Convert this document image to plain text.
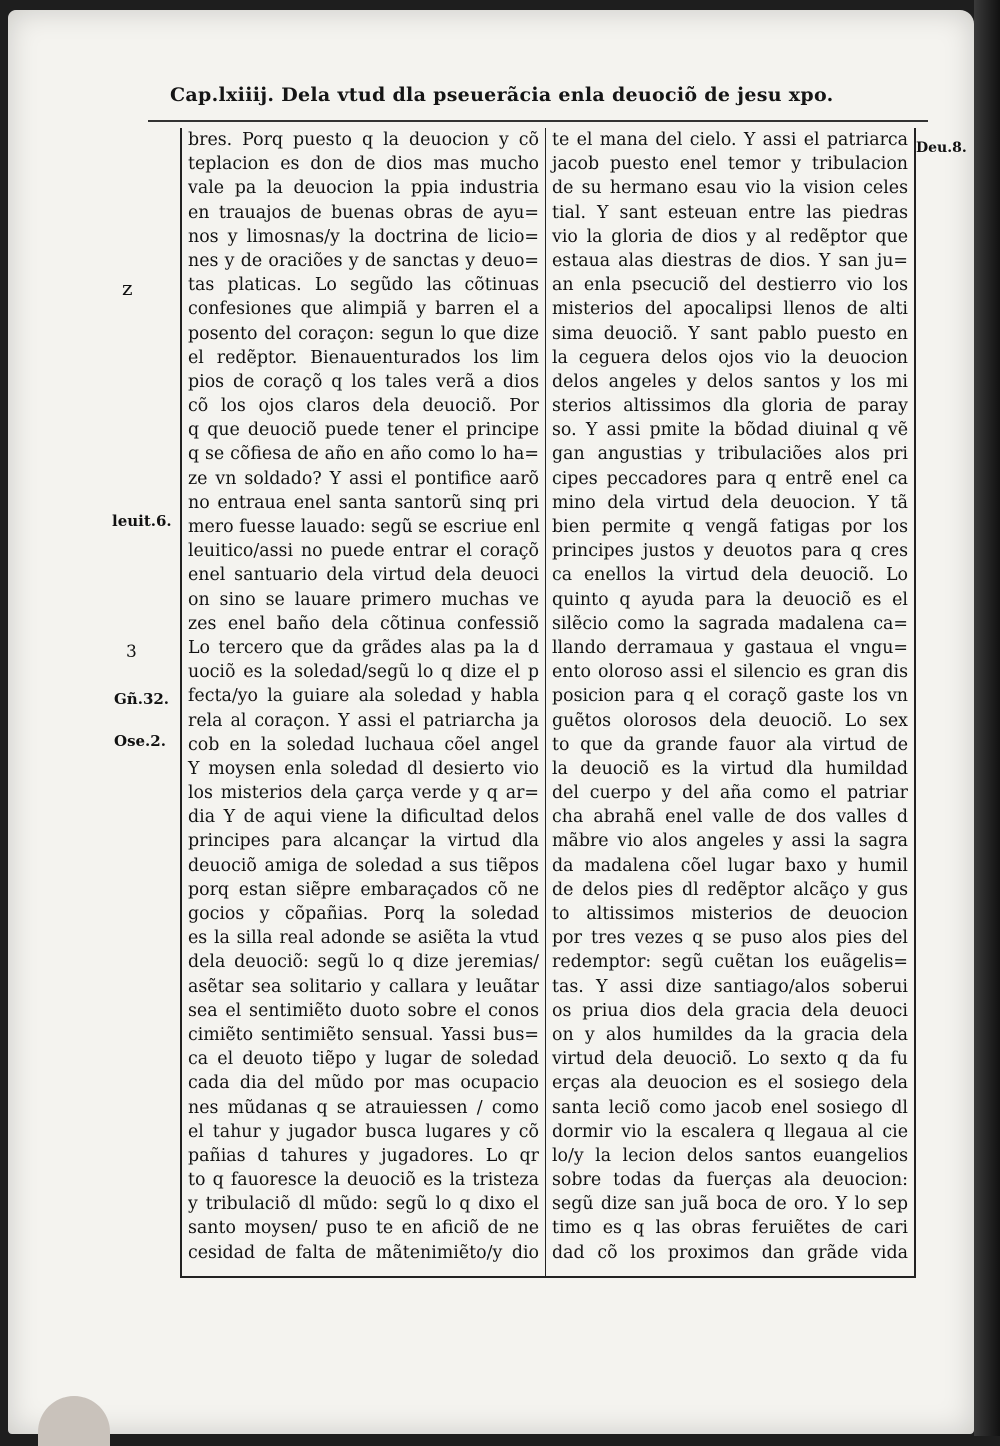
Cap.lxiiij. Dela vtud dla pseuerãcia enla deuociõ de jesu xpo.
z
leuit.6.
3
Gñ.32.
Ose.2.
Deu.8.
bres. Porq puesto q la deuocion y cõ
teplacion es don de dios mas mucho
vale pa la deuocion la ppia industria
en trauajos de buenas obras de ayu=
nos y limosnas/y la doctrina de licio=
nes y de oraciões y de sanctas y deuo=
tas platicas. Lo segũdo las cõtinuas
confesiones que alimpiã y barren el a
posento del coraçon: segun lo que dize
el redẽptor. Bienauenturados los lim
pios de coraçõ q los tales verã a dios
cõ los ojos claros dela deuociõ. Por
q que deuociõ puede tener el principe
q se cõfiesa de año en año como lo ha=
ze vn soldado? Y assi el pontifice aarõ
no entraua enel santa santorũ sinq pri
mero fuesse lauado: segũ se escriue enl
leuitico/assi no puede entrar el coraçõ
enel santuario dela virtud dela deuoci
on sino se lauare primero muchas ve
zes enel baño dela cõtinua confessiõ
Lo tercero que da grãdes alas pa la d
uociõ es la soledad/segũ lo q dize el p
fecta/yo la guiare ala soledad y habla
rela al coraçon. Y assi el patriarcha ja
cob en la soledad luchaua cõel angel
Y moysen enla soledad dl desierto vio
los misterios dela çarça verde y q ar=
dia Y de aqui viene la dificultad delos
principes para alcançar la virtud dla
deuociõ amiga de soledad a sus tiẽpos
porq estan siẽpre embaraçados cõ ne
gocios y cõpañias. Porq la soledad
es la silla real adonde se asiẽta la vtud
dela deuociõ: segũ lo q dize jeremias/
asẽtar sea solitario y callara y leuãtar
sea el sentimiẽto duoto sobre el conos
cimiẽto sentimiẽto sensual. Yassi bus=
ca el deuoto tiẽpo y lugar de soledad
cada dia del mũdo por mas ocupacio
nes mũdanas q se atrauiessen / como
el tahur y jugador busca lugares y cõ
pañias d tahures y jugadores. Lo qr
to q fauoresce la deuociõ es la tristeza
y tribulaciõ dl mũdo: segũ lo q dixo el
santo moysen/ puso te en aficiõ de ne
cesidad de falta de mãtenimiẽto/y dio
te el mana del cielo. Y assi el patriarca
jacob puesto enel temor y tribulacion
de su hermano esau vio la vision celes
tial. Y sant esteuan entre las piedras
vio la gloria de dios y al redẽptor que
estaua alas diestras de dios. Y san ju=
an enla psecuciõ del destierro vio los
misterios del apocalipsi llenos de alti
sima deuociõ. Y sant pablo puesto en
la ceguera delos ojos vio la deuocion
delos angeles y delos santos y los mi
sterios altissimos dla gloria de paray
so. Y assi pmite la bõdad diuinal q vẽ
gan angustias y tribulaciões alos pri
cipes peccadores para q entrẽ enel ca
mino dela virtud dela deuocion. Y tã
bien permite q vengã fatigas por los
principes justos y deuotos para q cres
ca enellos la virtud dela deuociõ. Lo
quinto q ayuda para la deuociõ es el
silẽcio como la sagrada madalena ca=
llando derramaua y gastaua el vngu=
ento oloroso assi el silencio es gran dis
posicion para q el coraçõ gaste los vn
guẽtos olorosos dela deuociõ. Lo sex
to que da grande fauor ala virtud de
la deuociõ es la virtud dla humildad
del cuerpo y del aña como el patriar
cha abrahã enel valle de dos valles d
mãbre vio alos angeles y assi la sagra
da madalena cõel lugar baxo y humil
de delos pies dl redẽptor alcãço y gus
to altissimos misterios de deuocion
por tres vezes q se puso alos pies del
redemptor: segũ cuẽtan los euãgelis=
tas. Y assi dize santiago/alos soberui
os priua dios dela gracia dela deuoci
on y alos humildes da la gracia dela
virtud dela deuociõ. Lo sexto q da fu
erças ala deuocion es el sosiego dela
santa leciõ como jacob enel sosiego dl
dormir vio la escalera q llegaua al cie
lo/y la lecion delos santos euangelios
sobre todas da fuerças ala deuocion:
segũ dize san juã boca de oro. Y lo sep
timo es q las obras feruiẽtes de cari
dad cõ los proximos dan grãde vida
